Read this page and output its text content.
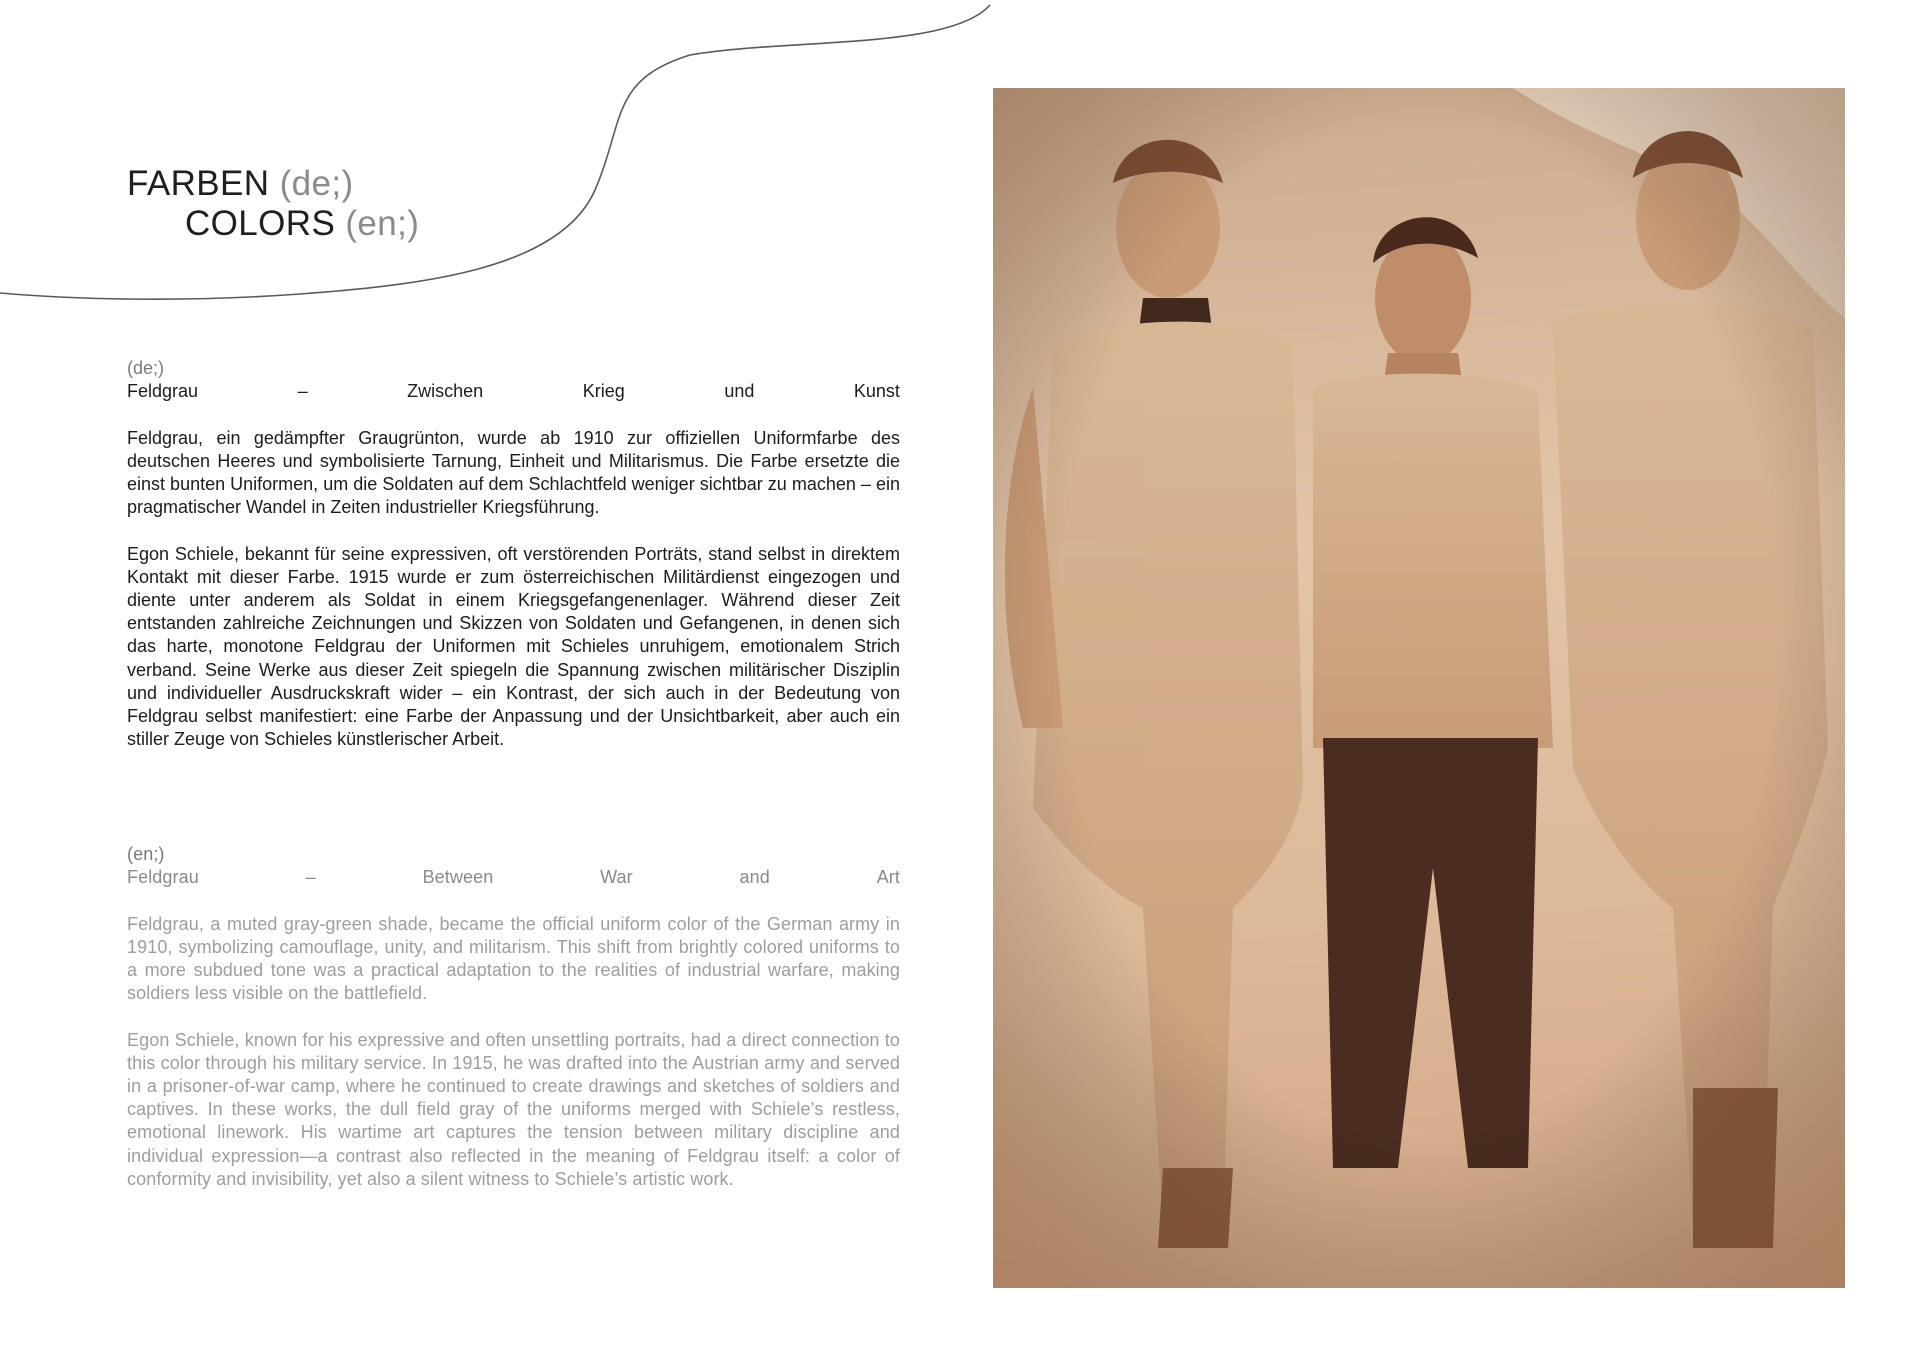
FARBEN (de;)
COLORS (en;)
(de;)
Feldgrau	–	Zwischen	Krieg	und	Kunst

Feldgrau, ein gedämpfter Graugrünton, wurde ab 1910 zur offiziellen Uniformfarbe des deutschen Heeres und symbolisierte Tarnung, Einheit und Militarismus. Die Farbe ersetzte die einst bunten Uniformen, um die Soldaten auf dem Schlachtfeld weniger sichtbar zu machen – ein pragmatischer Wandel in Zeiten industrieller Kriegsführung.

Egon Schiele, bekannt für seine expressiven, oft verstörenden Porträts, stand selbst in direktem Kontakt mit dieser Farbe. 1915 wurde er zum österreichischen Militärdienst eingezogen und diente unter anderem als Soldat in einem Kriegsgefangenenlager. Während dieser Zeit entstanden zahlreiche Zeichnungen und Skizzen von Soldaten und Gefangenen, in denen sich das harte, monotone Feldgrau der Uniformen mit Schieles unruhigem, emotionalem Strich verband. Seine Werke aus dieser Zeit spiegeln die Spannung zwischen militärischer Disziplin und individueller Ausdruckskraft wider – ein Kontrast, der sich auch in der Bedeutung von Feldgrau selbst manifestiert: eine Farbe der Anpassung und der Unsichtbarkeit, aber auch ein stiller Zeuge von Schieles künstlerischer Arbeit.

(en;)
Feldgrau	–	Between	War	and	Art

Feldgrau, a muted gray-green shade, became the official uniform color of the German army in 1910, symbolizing camouflage, unity, and militarism. This shift from brightly colored uniforms to a more subdued tone was a practical adaptation to the realities of industrial warfare, making soldiers less visible on the battlefield.

Egon Schiele, known for his expressive and often unsettling portraits, had a direct connection to this color through his military service. In 1915, he was drafted into the Austrian army and served in a prisoner-of-war camp, where he continued to create drawings and sketches of soldiers and captives. In these works, the dull field gray of the uniforms merged with Schiele’s restless, emotional linework. His wartime art captures the tension between military discipline and individual expression—a contrast also reflected in the meaning of Feldgrau itself: a color of conformity and invisibility, yet also a silent witness to Schiele’s artistic work.
